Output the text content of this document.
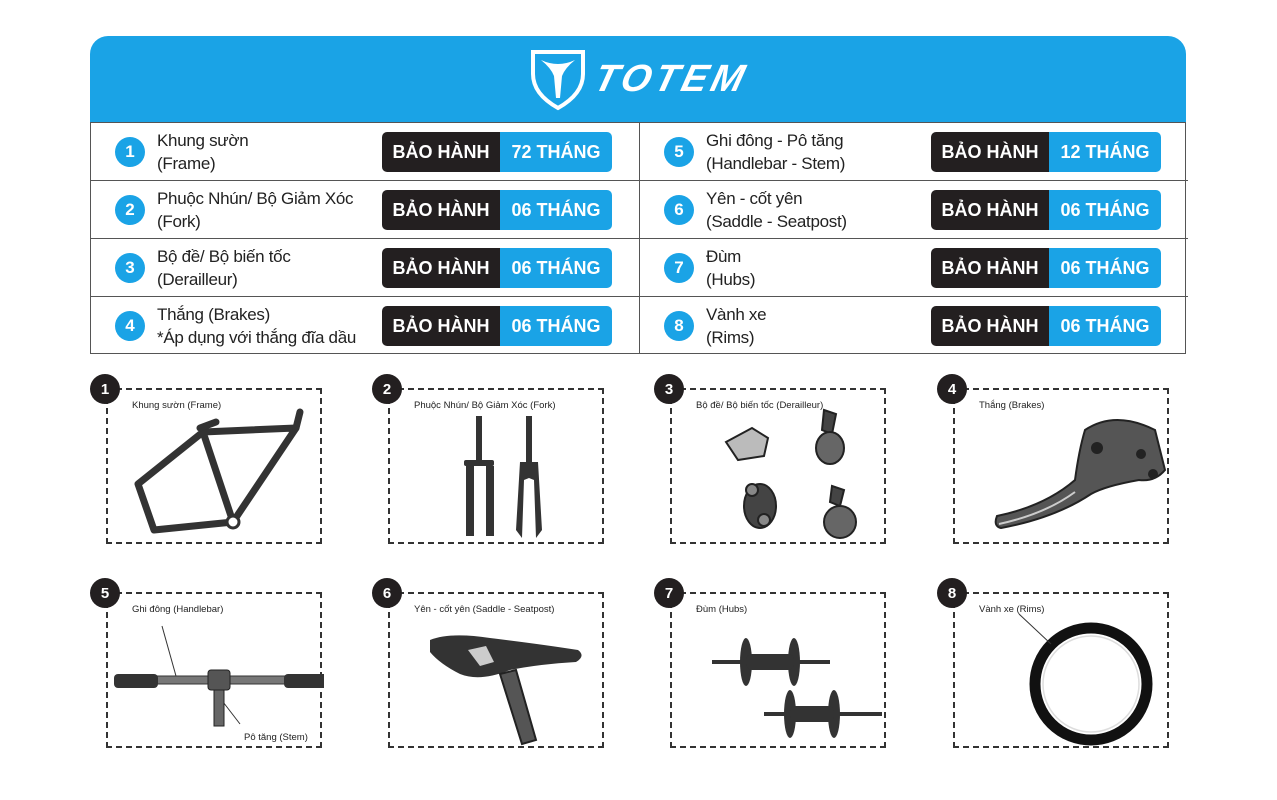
TOTEM
1
Khung sườn
(Frame)
BẢO HÀNH	72 THÁNG
2
Phuộc Nhún/ Bộ Giảm Xóc
(Fork)
BẢO HÀNH	06 THÁNG
3
Bộ đề/ Bộ biến tốc
(Derailleur)
BẢO HÀNH	06 THÁNG
4
Thắng (Brakes)
*Áp dụng với thắng đĩa dầu
BẢO HÀNH	06 THÁNG
5
Ghi đông - Pô tăng
(Handlebar - Stem)
BẢO HÀNH	12 THÁNG
6
Yên - cốt yên
(Saddle - Seatpost)
BẢO HÀNH	06 THÁNG
7
Đùm
(Hubs)
BẢO HÀNH	06 THÁNG
8
Vành xe
(Rims)
BẢO HÀNH	06 THÁNG
1
Khung sườn (Frame)
2
Phuộc Nhún/ Bộ Giảm Xóc (Fork)
3
Bộ đề/ Bộ biến tốc (Derailleur)
4
Thắng (Brakes)
5
Ghi đông (Handlebar)
Pô tăng (Stem)
6
Yên - cốt yên (Saddle - Seatpost)
7
Đùm (Hubs)
8
Vành xe (Rims)
